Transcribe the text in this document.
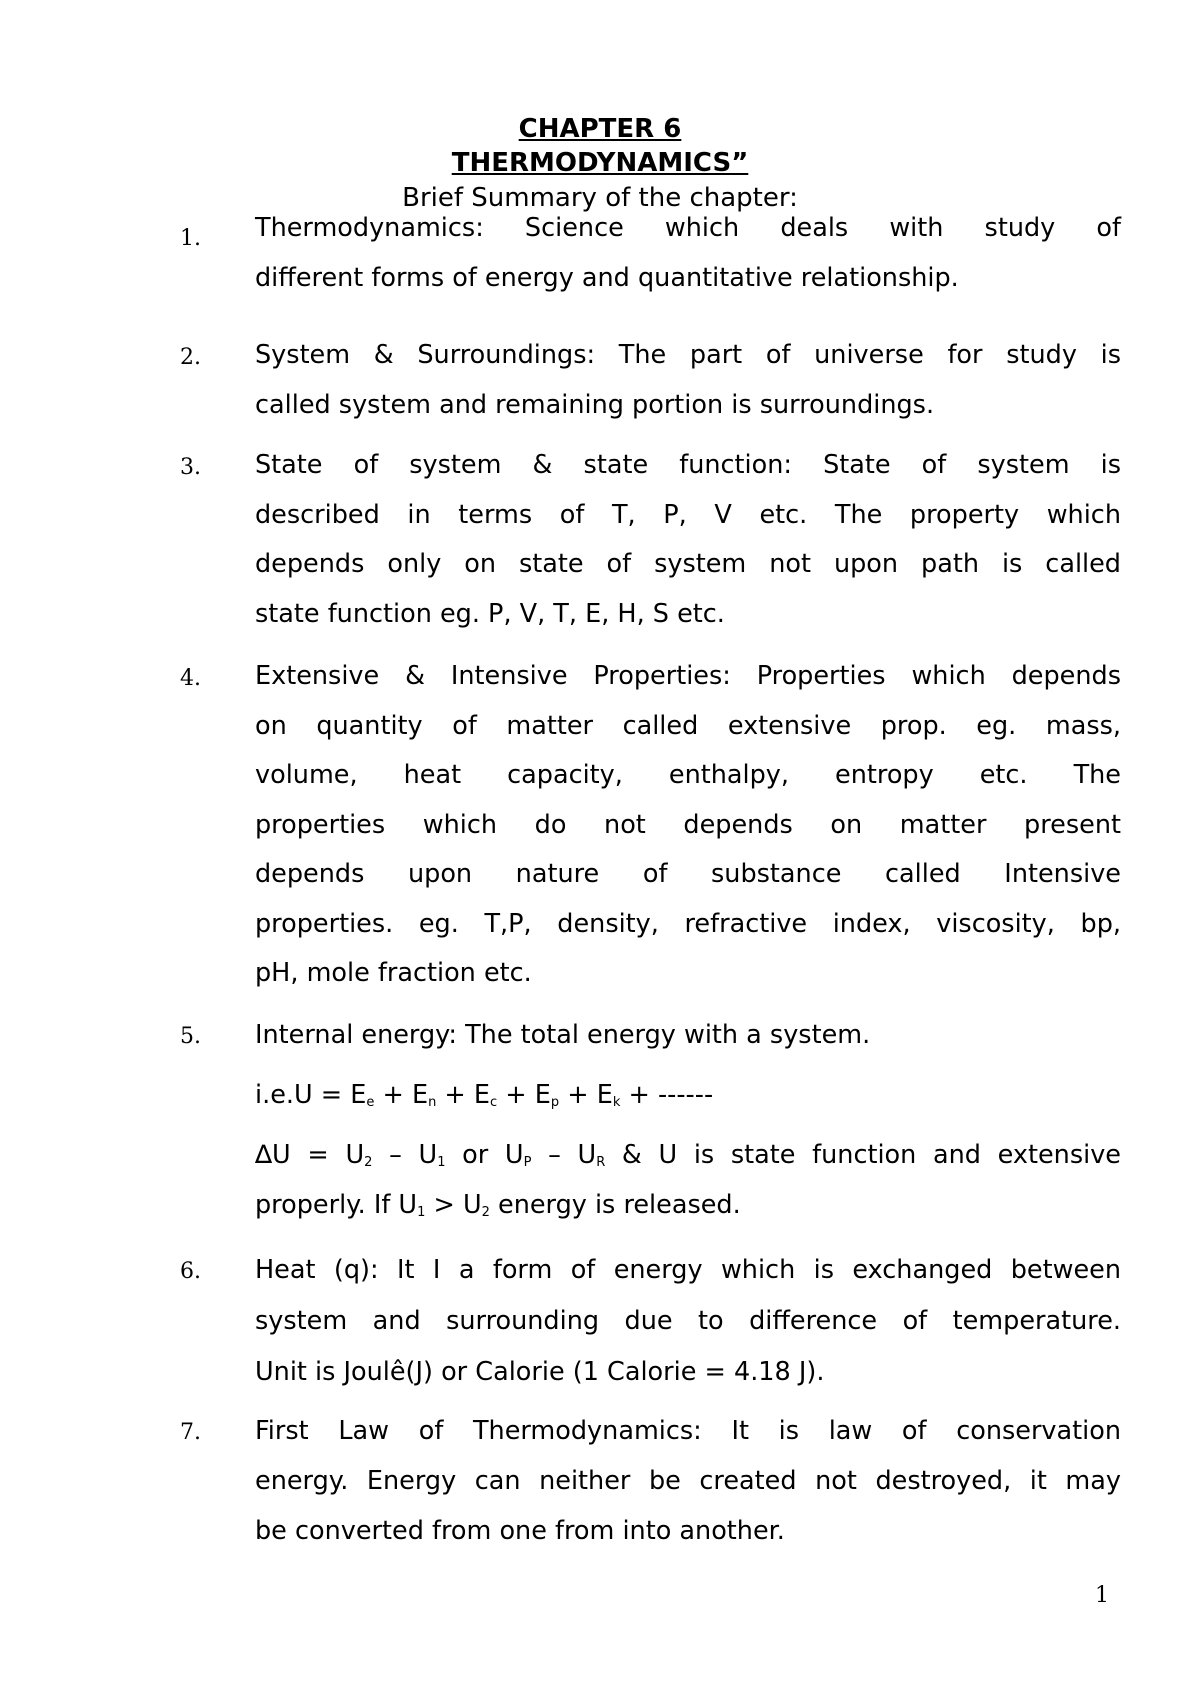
CHAPTER 6
THERMODYNAMICS”
Brief Summary of the chapter:
1.	Thermodynamics: Science which deals with study of
different forms of energy and quantitative relationship.
2.	System & Surroundings: The part of universe for study is
called system and remaining portion is surroundings.
3.	State of system & state function: State of system is
described in terms of T, P, V etc. The property which
depends only on state of system not upon path is called
state function eg. P, V, T, E, H, S etc.
4.	Extensive & Intensive Properties: Properties which depends
on quantity of matter called extensive prop. eg. mass,
volume, heat capacity, enthalpy, entropy etc. The
properties which do not depends on matter present
depends upon nature of substance called Intensive
properties. eg. T,P, density, refractive index, viscosity, bp,
pH, mole fraction etc.
5.	Internal energy: The total energy with a system.
$i.e.U = E_e + E_n + E_c + E_p + E_k$ + ------
$\Delta U = U_2 - U_1$ or $U_P - U_R$ & U is state function and extensive
properly. If $U_1 > U_2$ energy is released.
6.	Heat (q): It I a form of energy which is exchanged between
system and surrounding due to difference of temperature.
Unit is Joulê(J) or Calorie (1 Calorie = 4.18 J).
7.	First Law of Thermodynamics: It is law of conservation
energy. Energy can neither be created not destroyed, it may
be converted from one from into another.
1
